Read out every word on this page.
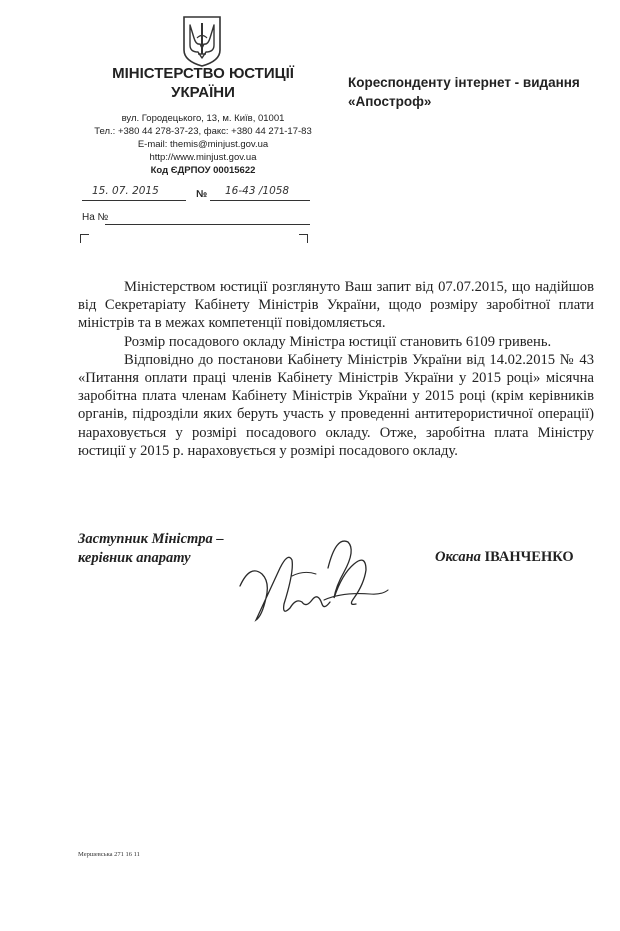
МІНІСТЕРСТВО ЮСТИЦІЇ
УКРАЇНИ
вул. Городецького, 13, м. Київ, 01001
Тел.: +380 44 278-37-23, факс: +380 44 271-17-83
E-mail: themis@minjust.gov.ua
http://www.minjust.gov.ua
Код ЄДРПОУ 00015622
Кореспонденту інтернет - видання
«Апостроф»
15. 07. 2015	№ 16-43 /1058
На №

Міністерством юстиції розглянуто Ваш запит від 07.07.2015, що надійшов від Секретаріату Кабінету Міністрів України, щодо розміру заробітної плати міністрів та в межах компетенції повідомляється.

Розмір посадового окладу Міністра юстиції становить 6109 гривень.

Відповідно до постанови Кабінету Міністрів України від 14.02.2015 № 43 «Питання оплати праці членів Кабінету Міністрів України у 2015 році» місячна заробітна плата членам Кабінету Міністрів України у 2015 році (крім керівників органів, підрозділи яких беруть участь у проведенні антитерористичної операції) нараховується у розмірі посадового окладу. Отже, заробітна плата Міністру юстиції у 2015 р. нараховується у розмірі посадового окладу.

Заступник Міністра –
керівник апарату	Оксана ІВАНЧЕНКО
Мершевська 271 16 11
